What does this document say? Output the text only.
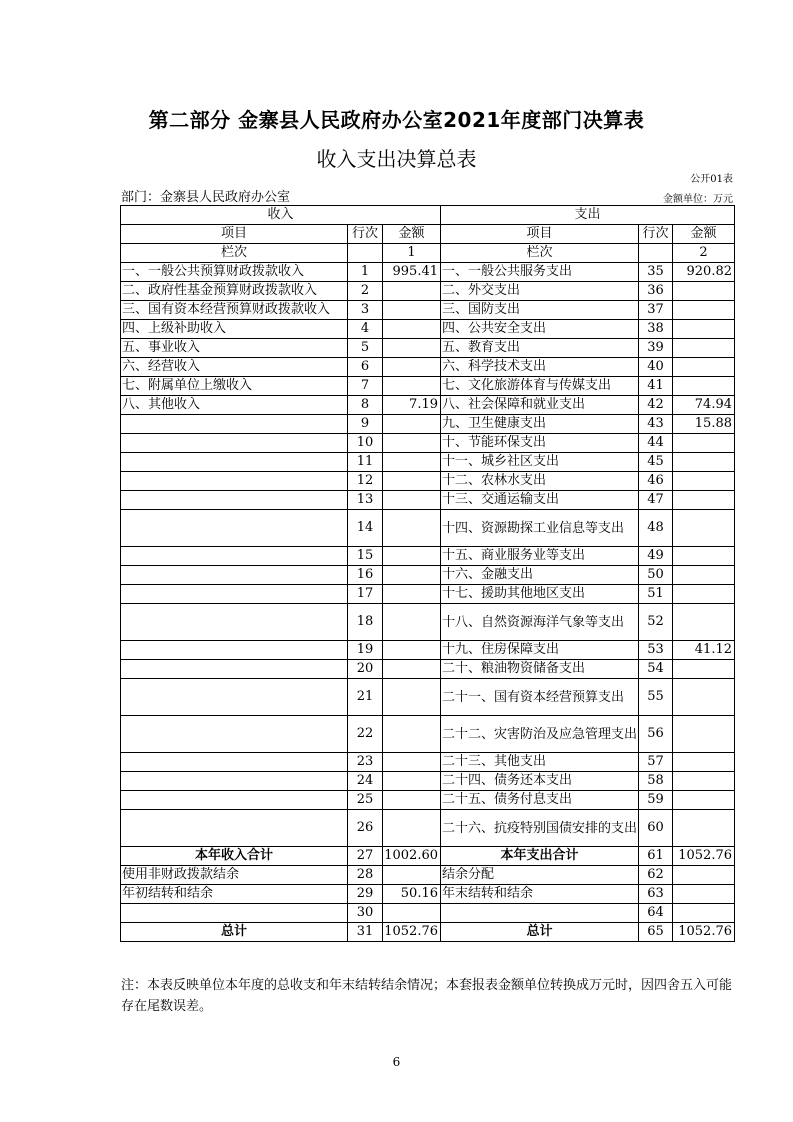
第二部分 金寨县人民政府办公室2021年度部门决算表
收入支出决算总表
公开01表
部门：金寨县人民政府办公室	金额单位：万元
收入			支出		
项目	行次	金额	项目	行次	金额
栏次		1	栏次		2
一、一般公共预算财政拨款收入	1	995.41	一、一般公共服务支出	35	920.82
二、政府性基金预算财政拨款收入	2		二、外交支出	36	
三、国有资本经营预算财政拨款收入	3		三、国防支出	37	
四、上级补助收入	4		四、公共安全支出	38	
五、事业收入	5		五、教育支出	39	
六、经营收入	6		六、科学技术支出	40	
七、附属单位上缴收入	7		七、文化旅游体育与传媒支出	41	
八、其他收入	8	7.19	八、社会保障和就业支出	42	74.94
	9		九、卫生健康支出	43	15.88
	10		十、节能环保支出	44	
	11		十一、城乡社区支出	45	
	12		十二、农林水支出	46	
	13		十三、交通运输支出	47	
	14		十四、资源勘探工业信息等支出	48	
	15		十五、商业服务业等支出	49	
	16		十六、金融支出	50	
	17		十七、援助其他地区支出	51	
	18		十八、自然资源海洋气象等支出	52	
	19		十九、住房保障支出	53	41.12
	20		二十、粮油物资储备支出	54	
	21		二十一、国有资本经营预算支出	55	
	22		二十二、灾害防治及应急管理支出	56	
	23		二十三、其他支出	57	
	24		二十四、债务还本支出	58	
	25		二十五、债务付息支出	59	
	26		二十六、抗疫特别国债安排的支出	60	
本年收入合计	27	1002.60	本年支出合计	61	1052.76
使用非财政拨款结余	28		结余分配	62	
年初结转和结余	29	50.16	年末结转和结余	63	
	30			64	
总计	31	1052.76	总计	65	1052.76
注：本表反映单位本年度的总收支和年末结转结余情况；本套报表金额单位转换成万元时，因四舍五入可能存在尾数误差。
6
